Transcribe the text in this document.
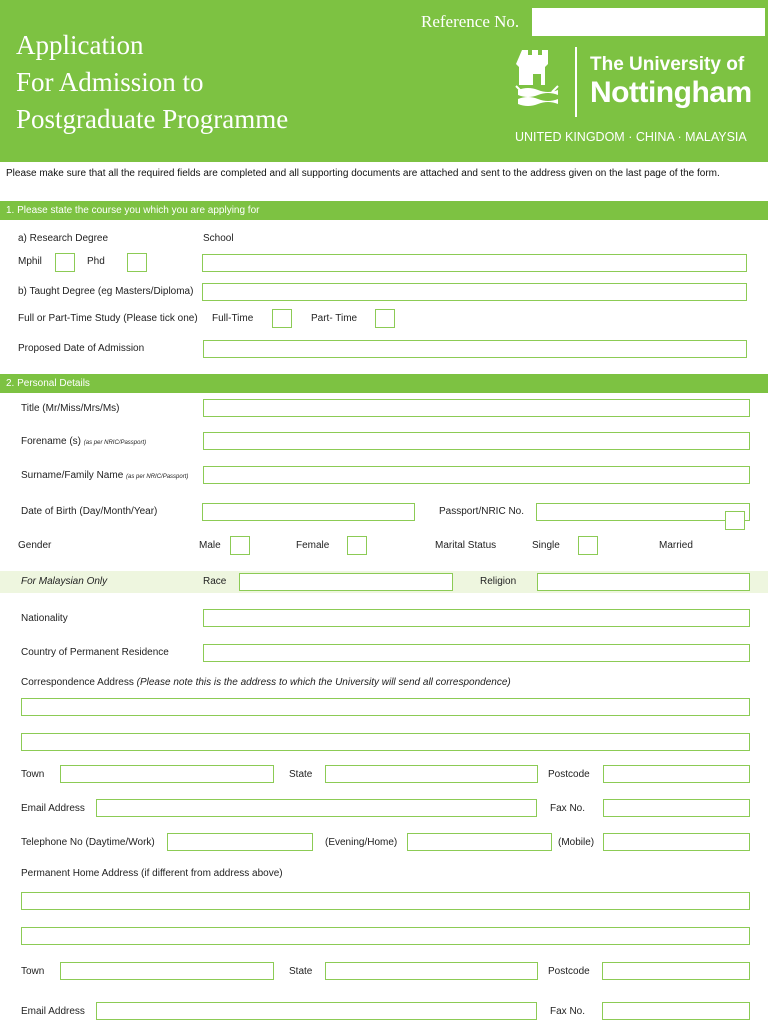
Application
For Admission to
Postgraduate Programme
Reference No.
The University of
Nottingham
UNITED KINGDOM · CHINA · MALAYSIA
Please make sure that all the required fields are completed and all supporting documents are attached and sent to the address given on the last page of the form.
1. Please state the course you which you are applying for
a) Research Degree	School
Mphil	Phd
b) Taught Degree (eg Masters/Diploma)
Full or Part-Time Study (Please tick one) Full-Time	Part- Time
Proposed Date of Admission
2. Personal Details
Title (Mr/Miss/Mrs/Ms)
Forename (s) (as per NRIC/Passport)
Surname/Family Name (as per NRIC/Passport)
Date of Birth (Day/Month/Year)	Passport/NRIC No.
Gender	Male	Female	Marital Status	Single	Married
For Malaysian Only	Race	Religion
Nationality
Country of Permanent Residence
Correspondence Address (Please note this is the address to which the University will send all correspondence)
Town	State	Postcode
Email Address	Fax No.
Telephone No (Daytime/Work)	(Evening/Home)	(Mobile)
Permanent Home Address (if different from address above)
Town	State	Postcode
Email Address	Fax No.
